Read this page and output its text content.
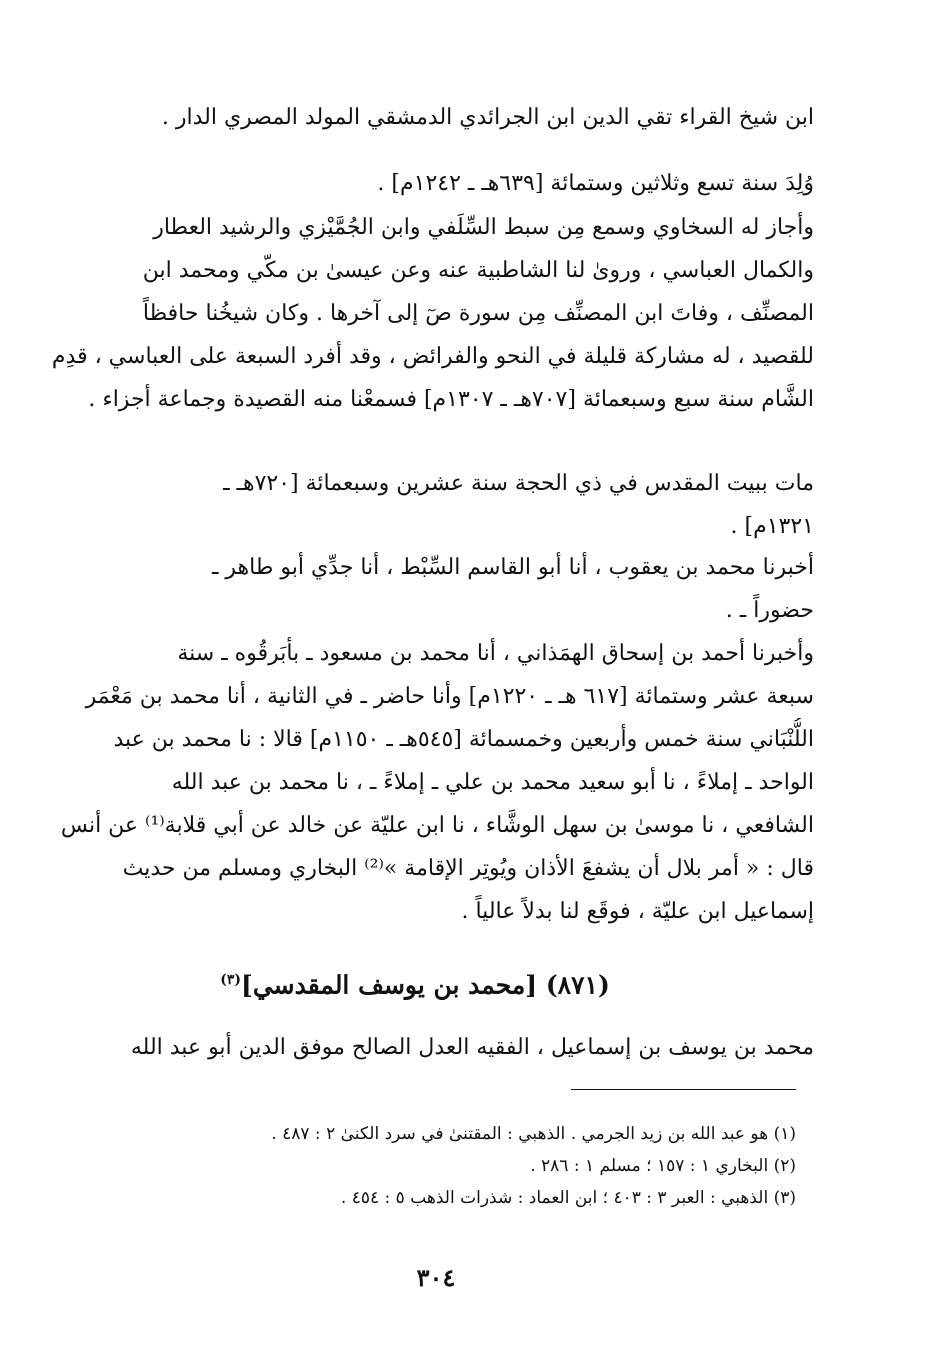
ابن شيخ القراء تقي الدين ابن الجرائدي الدمشقي المولد المصري الدار .
وُلِدَ سنة تسع وثلاثين وستمائة [٦٣٩هـ ـ ١٢٤٢م] .
وأجاز له السخاوي وسمع مِن سبط السِّلَفي وابن الجُمَّيْزي والرشيد العطار
والكمال العباسي ، وروىٰ لنا الشاطبية عنه وعن عيسىٰ بن مكّي ومحمد ابن
المصنِّف ، وفاتَ ابن المصنِّف مِن سورة صٓ إلى آخرها . وكان شيخُنا حافظاً
للقصيد ، له مشاركة قليلة في النحو والفرائض ، وقد أفرد السبعة على العباسي ، قدِم
الشَّام سنة سبع وسبعمائة [٧٠٧هـ ـ ١٣٠٧م] فسمعْنا منه القصيدة وجماعة أجزاء .
مات ببيت المقدس في ذي الحجة سنة عشرين وسبعمائة [٧٢٠هـ ـ
١٣٢١م] .
أخبرنا محمد بن يعقوب ، أنا أبو القاسم السِّبْط ، أنا جدِّي أبو طاهر ـ
حضوراً ـ .
وأخبرنا أحمد بن إسحاق الهمَذاني ، أنا محمد بن مسعود ـ بأبَرقُوه ـ سنة
سبعة عشر وستمائة [٦١٧ هـ ـ ١٢٢٠م] وأنا حاضر ـ في الثانية ، أنا محمد بن مَعْمَر
اللُّنْبَاني سنة خمس وأربعين وخمسمائة [٥٤٥هـ ـ ١١٥٠م] قالا : نا محمد بن عبد
الواحد ـ إملاءً ، نا أبو سعيد محمد بن علي ـ إملاءً ـ ، نا محمد بن عبد الله
الشافعي ، نا موسىٰ بن سهل الوشَّاء ، نا ابن عليّة عن خالد عن أبي قلابة⁽¹⁾ عن أنس
قال : « أمر بلال أن يشفعَ الأذان ويُوتِر الإقامة »⁽²⁾ البخاري ومسلم من حديث
إسماعيل ابن عليّة ، فوقَع لنا بدلاً عالياً .
(٨٧١) [محمد بن يوسف المقدسي]$^{(٣)}$
محمد بن يوسف بن إسماعيل ، الفقيه العدل الصالح موفق الدين أبو عبد الله
(١) هو عبد الله بن زيد الجرمي . الذهبي : المقتنىٰ في سرد الكنىٰ ٢ : ٤٨٧ .
(٢) البخاري ١ : ١٥٧ ؛ مسلم ١ : ٢٨٦ .
(٣) الذهبي : العبر ٣ : ٤٠٣ ؛ ابن العماد : شذرات الذهب ٥ : ٤٥٤ .
٣٠٤
